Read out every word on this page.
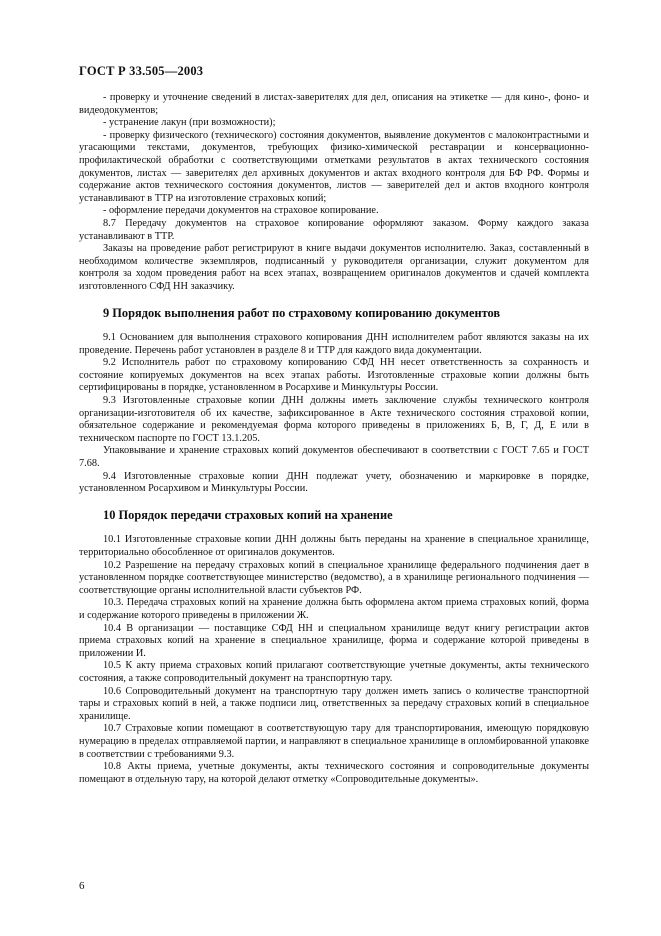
ГОСТ Р 33.505—2003

- проверку и уточнение сведений в листах-заверителях для дел, описания на этикетке — для кино-, фоно- и видеодокументов;

- устранение лакун (при возможности);

- проверку физического (технического) состояния документов, выявление документов с малоконтрастными и угасающими текстами, документов, требующих физико-химической реставрации и консервационно-профилактической обработки с соответствующими отметками результатов в актах технического состояния документов, листах — заверителях дел архивных документов и актах входного контроля для БФ РФ. Формы и содержание актов технического состояния документов, листов — заверителей дел и актов входного контроля устанавливают в ТТР на изготовление страховых копий;

- оформление передачи документов на страховое копирование.

8.7 Передачу документов на страховое копирование оформляют заказом. Форму каждого заказа устанавливают в ТТР.

Заказы на проведение работ регистрируют в книге выдачи документов исполнителю. Заказ, составленный в необходимом количестве экземпляров, подписанный у руководителя организации, служит документом для контроля за ходом проведения работ на всех этапах, возвращением оригиналов документов и сдачей комплекта изготовленного СФД НН заказчику.

9 Порядок выполнения работ по страховому копированию документов

9.1 Основанием для выполнения страхового копирования ДНН исполнителем работ являются заказы на их проведение. Перечень работ установлен в разделе 8 и ТТР для каждого вида документации.

9.2 Исполнитель работ по страховому копированию СФД НН несет ответственность за сохранность и состояние копируемых документов на всех этапах работы. Изготовленные страховые копии должны быть сертифицированы в порядке, установленном в Росархиве и Минкультуры России.

9.3 Изготовленные страховые копии ДНН должны иметь заключение службы технического контроля организации-изготовителя об их качестве, зафиксированное в Акте технического состояния страховой копии, обязательное содержание и рекомендуемая форма которого приведены в приложениях Б, В, Г, Д, Е или в техническом паспорте по ГОСТ 13.1.205.

Упаковывание и хранение страховых копий документов обеспечивают в соответствии с ГОСТ 7.65 и ГОСТ 7.68.

9.4 Изготовленные страховые копии ДНН подлежат учету, обозначению и маркировке в порядке, установленном Росархивом и Минкультуры России.

10 Порядок передачи страховых копий на хранение

10.1 Изготовленные страховые копии ДНН должны быть переданы на хранение в специальное хранилище, территориально обособленное от оригиналов документов.

10.2 Разрешение на передачу страховых копий в специальное хранилище федерального подчинения дает в установленном порядке соответствующее министерство (ведомство), а в хранилище регионального подчинения — соответствующие органы исполнительной власти субъектов РФ.

10.3. Передача страховых копий на хранение должна быть оформлена актом приема страховых копий, форма и содержание которого приведены в приложении Ж.

10.4 В организации — поставщике СФД НН и специальном хранилище ведут книгу регистрации актов приема страховых копий на хранение в специальное хранилище, форма и содержание которой приведены в приложении И.

10.5 К акту приема страховых копий прилагают соответствующие учетные документы, акты технического состояния, а также сопроводительный документ на транспортную тару.

10.6 Сопроводительный документ на транспортную тару должен иметь запись о количестве транспортной тары и страховых копий в ней, а также подписи лиц, ответственных за передачу страховых копий в специальное хранилище.

10.7 Страховые копии помещают в соответствующую тару для транспортирования, имеющую порядковую нумерацию в пределах отправляемой партии, и направляют в специальное хранилище в опломбированной упаковке в соответствии с требованиями 9.3.

10.8 Акты приема, учетные документы, акты технического состояния и сопроводительные документы помещают в отдельную тару, на которой делают отметку «Сопроводительные документы».

6
